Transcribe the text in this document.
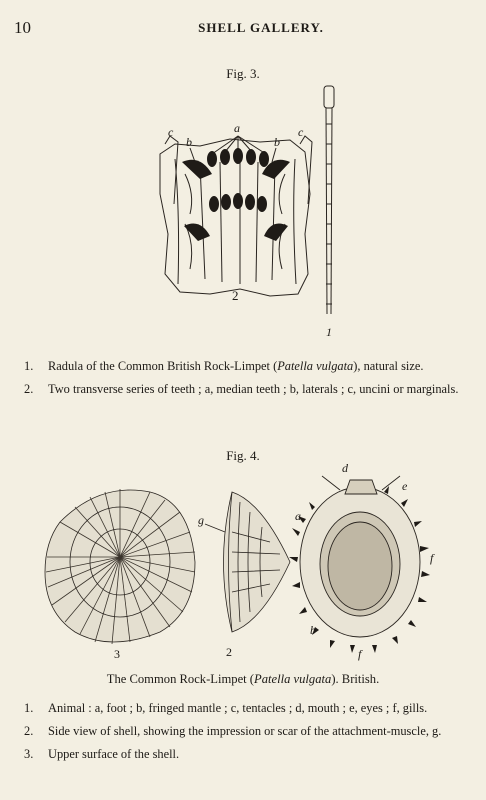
10	SHELL GALLERY.
Fig. 3.
a
b	b
c	c
2
1
1. Radula of the Common British Rock-Limpet (Patella vulgata), natural size.
2. Two transverse series of teeth ; a, median teeth ; b, laterals ; c, uncini or marginals.
Fig. 4.
d
e
f
a
b
g
f
2
3
The Common Rock-Limpet (Patella vulgata). British.
1. Animal : a, foot ; b, fringed mantle ; c, tentacles ; d, mouth ; e, eyes ; f, gills.
2. Side view of shell, showing the impression or scar of the attachment-muscle, g.
3. Upper surface of the shell.
